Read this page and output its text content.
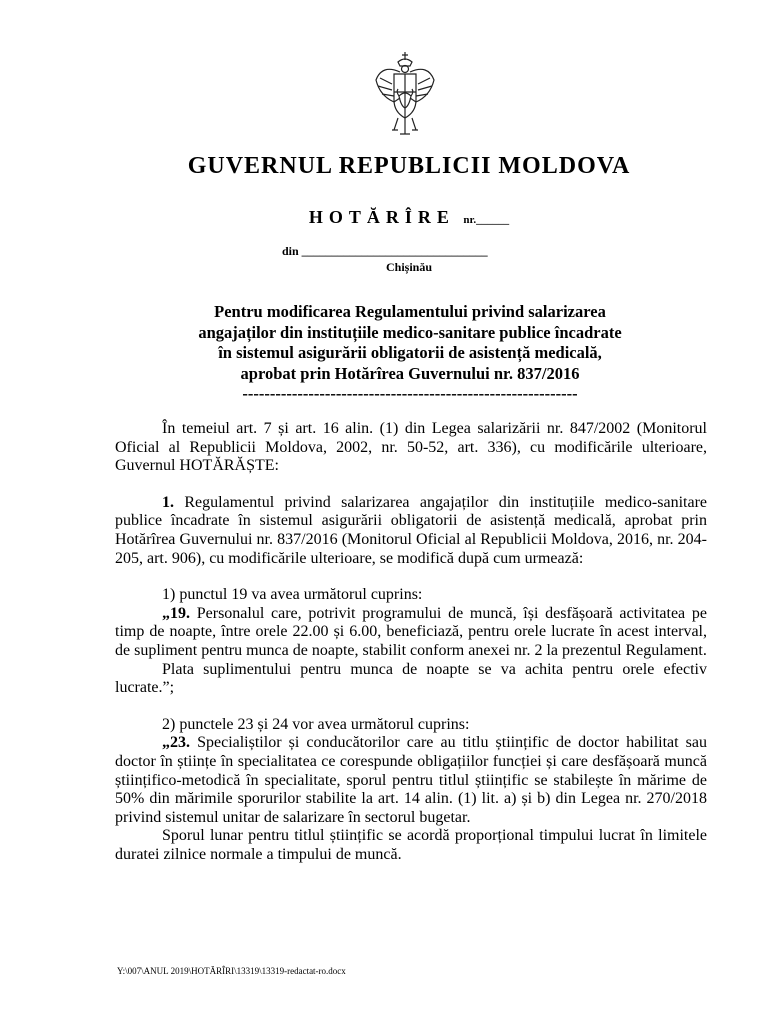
GUVERNUL REPUBLICII MOLDOVA
HOTĂRÎRE nr.______
din _______________________________
Chișinău
Pentru modificarea Regulamentului privind salarizarea
angajaților din instituțiile medico-sanitare publice încadrate
în sistemul asigurării obligatorii de asistență medicală,
aprobat prin Hotărîrea Guvernului nr. 837/2016
-------------------------------------------------------------

În temeiul art. 7 și art. 16 alin. (1) din Legea salarizării nr. 847/2002 (Monitorul Oficial al Republicii Moldova, 2002, nr. 50-52, art. 336), cu modificările ulterioare, Guvernul HOTĂRĂȘTE:

1. Regulamentul privind salarizarea angajaților din instituțiile medico-sanitare publice încadrate în sistemul asigurării obligatorii de asistență medicală, aprobat prin Hotărîrea Guvernului nr. 837/2016 (Monitorul Oficial al Republicii Moldova, 2016, nr. 204-205, art. 906), cu modificările ulterioare, se modifică după cum urmează:

1) punctul 19 va avea următorul cuprins:

„19. Personalul care, potrivit programului de muncă, își desfășoară activitatea pe timp de noapte, între orele 22.00 și 6.00, beneficiază, pentru orele lucrate în acest interval, de supliment pentru munca de noapte, stabilit conform anexei nr. 2 la prezentul Regulament.

Plata suplimentului pentru munca de noapte se va achita pentru orele efectiv lucrate.”;

2) punctele 23 și 24 vor avea următorul cuprins:

„23. Specialiștilor și conducătorilor care au titlu științific de doctor habilitat sau doctor în științe în specialitatea ce corespunde obligațiilor funcției și care desfășoară muncă științifico-metodică în specialitate, sporul pentru titlul științific se stabilește în mărime de 50% din mărimile sporurilor stabilite la art. 14 alin. (1) lit. a) și b) din Legea nr. 270/2018 privind sistemul unitar de salarizare în sectorul bugetar.

Sporul lunar pentru titlul științific se acordă proporțional timpului lucrat în limitele duratei zilnice normale a timpului de muncă.

Y:\007\ANUL 2019\HOTĂRÎRI\13319\13319-redactat-ro.docx
